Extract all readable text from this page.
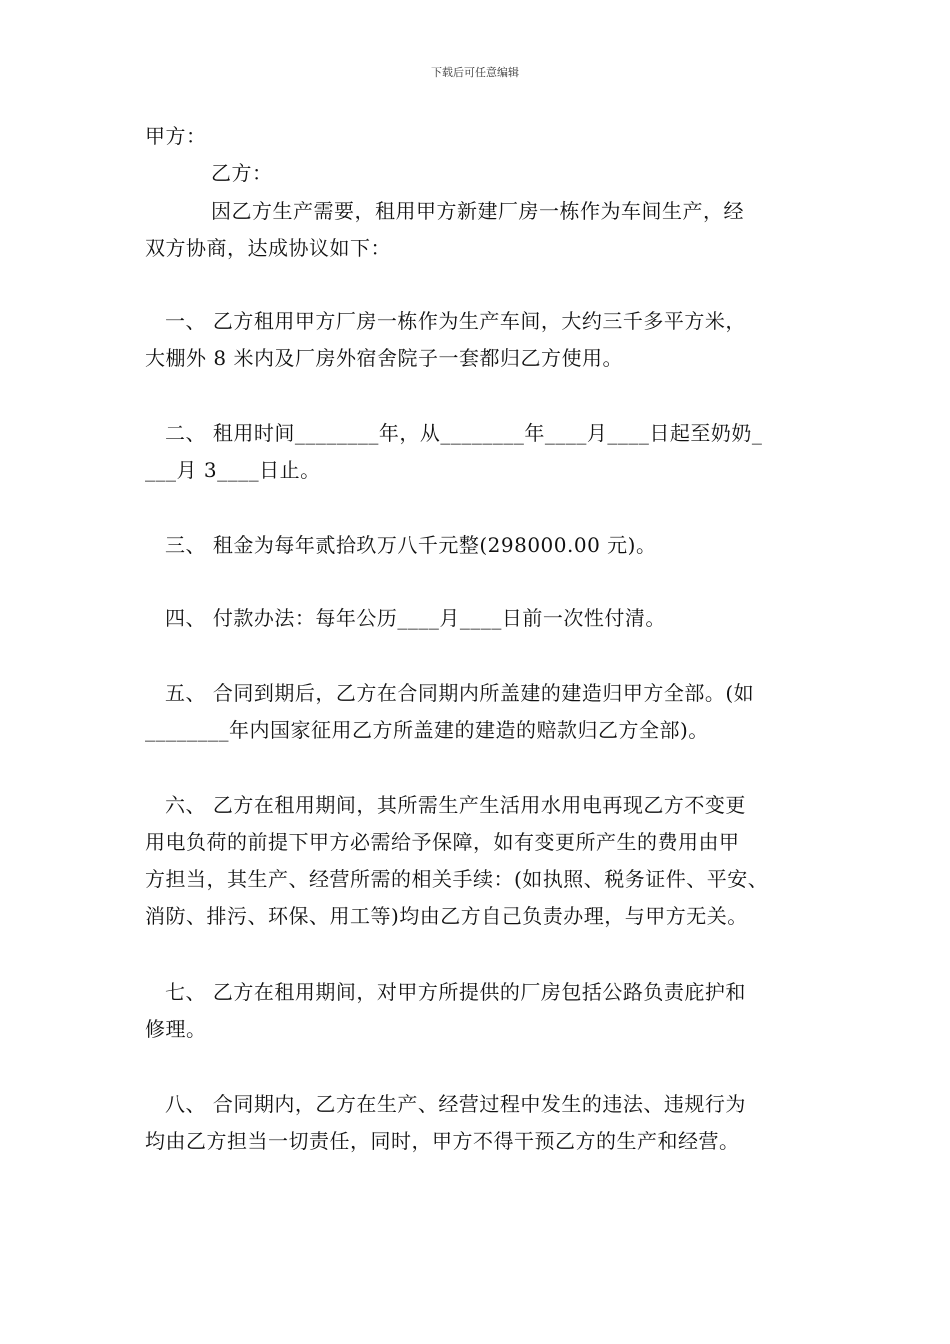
下载后可任意编辑
甲方：
乙方：
因乙方生产需要，租用甲方新建厂房一栋作为车间生产，经
双方协商，达成协议如下：
一、 乙方租用甲方厂房一栋作为生产车间，大约三千多平方米，
大棚外 8 米内及厂房外宿舍院子一套都归乙方使用。
二、 租用时间________年，从________年____月____日起至奶奶_
___月 3____日止。
三、 租金为每年贰拾玖万八千元整(298000.00 元)。
四、 付款办法：每年公历____月____日前一次性付清。
五、 合同到期后，乙方在合同期内所盖建的建造归甲方全部。(如
________年内国家征用乙方所盖建的建造的赔款归乙方全部)。
六、 乙方在租用期间，其所需生产生活用水用电再现乙方不变更
用电负荷的前提下甲方必需给予保障，如有变更所产生的费用由甲
方担当，其生产、经营所需的相关手续：(如执照、税务证件、平安、
消防、排污、环保、用工等)均由乙方自己负责办理，与甲方无关。
七、 乙方在租用期间，对甲方所提供的厂房包括公路负责庇护和
修理。
八、 合同期内，乙方在生产、经营过程中发生的违法、违规行为
均由乙方担当一切责任，同时，甲方不得干预乙方的生产和经营。
